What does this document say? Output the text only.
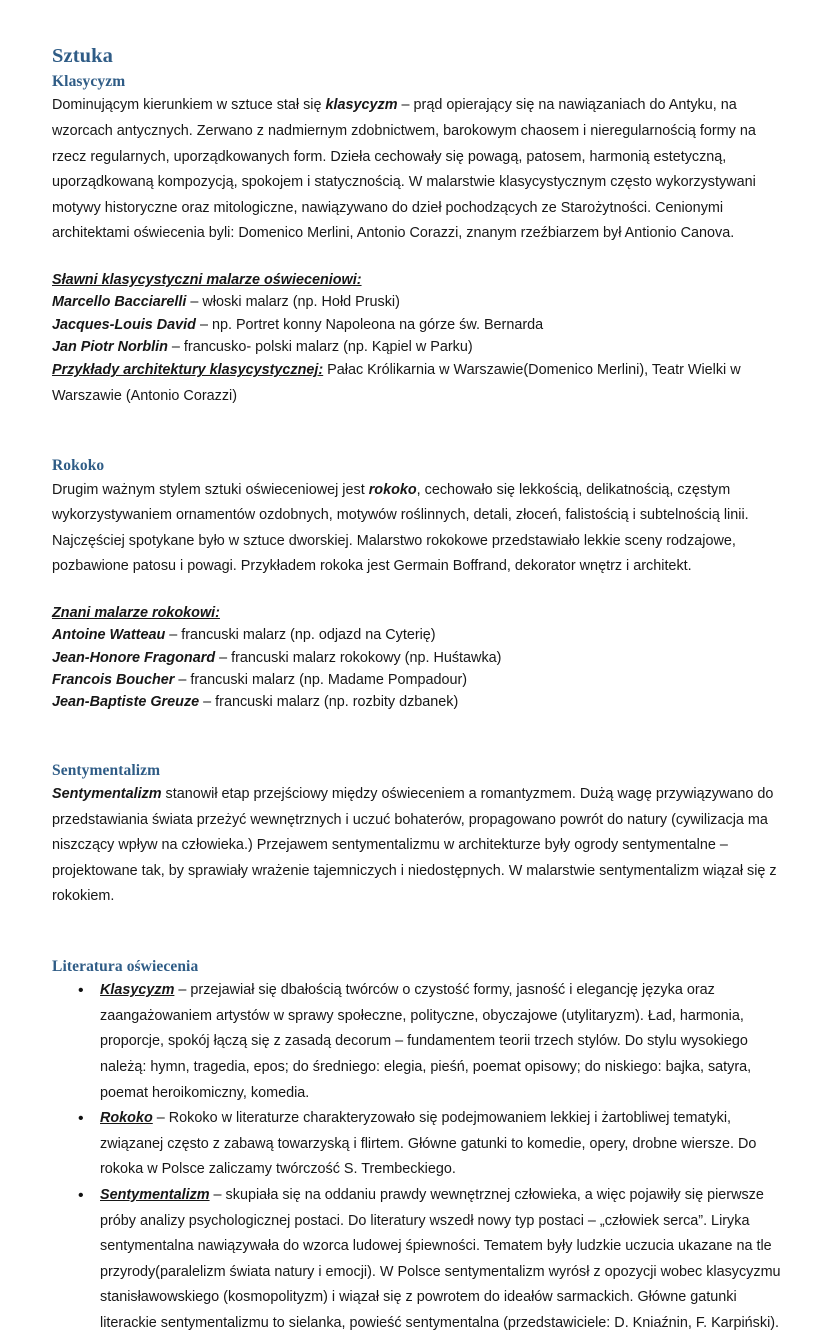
Sztuka
Klasycyzm

Dominującym kierunkiem w sztuce stał się klasycyzm – prąd opierający się na nawiązaniach do Antyku, na wzorcach antycznych. Zerwano z nadmiernym zdobnictwem, barokowym chaosem i nieregularnością formy na rzecz regularnych, uporządkowanych form. Dzieła cechowały się powagą, patosem, harmonią estetyczną, uporządkowaną kompozycją, spokojem i statycznością. W malarstwie klasycystycznym często wykorzystywani motywy historyczne oraz mitologiczne, nawiązywano do dzieł pochodzących ze Starożytności. Cenionymi architektami oświecenia byli: Domenico Merlini, Antonio Corazzi, znanym rzeźbiarzem był Antionio Canova.

Sławni klasycystyczni malarze oświeceniowi:

Marcello Bacciarelli – włoski malarz (np. Hołd Pruski)

Jacques-Louis David – np. Portret konny Napoleona na górze św. Bernarda

Jan Piotr Norblin – francusko- polski malarz (np. Kąpiel w Parku)

Przykłady architektury klasycystycznej: Pałac Królikarnia w Warszawie(Domenico Merlini), Teatr Wielki w Warszawie (Antonio Corazzi)

Rokoko

Drugim ważnym stylem sztuki oświeceniowej jest rokoko, cechowało się lekkością, delikatnością, częstym wykorzystywaniem ornamentów ozdobnych, motywów roślinnych, detali, złoceń, falistością i subtelnością linii. Najczęściej spotykane było w sztuce dworskiej. Malarstwo rokokowe przedstawiało lekkie sceny rodzajowe, pozbawione patosu i powagi. Przykładem rokoka jest Germain Boffrand, dekorator wnętrz i architekt.

Znani malarze rokokowi:

Antoine Watteau – francuski malarz (np. odjazd na Cyterię)

Jean-Honore Fragonard – francuski malarz rokokowy (np. Huśtawka)

Francois Boucher – francuski malarz (np. Madame Pompadour)

Jean-Baptiste Greuze – francuski malarz (np. rozbity dzbanek)

Sentymentalizm

Sentymentalizm stanowił etap przejściowy między oświeceniem a romantyzmem. Dużą wagę przywiązywano do przedstawiania świata przeżyć wewnętrznych i uczuć bohaterów, propagowano powrót do natury (cywilizacja ma niszczący wpływ na człowieka.) Przejawem sentymentalizmu w architekturze były ogrody sentymentalne – projektowane tak, by sprawiały wrażenie tajemniczych i niedostępnych. W malarstwie sentymentalizm wiązał się z rokokiem.

Literatura oświecenia
• Klasycyzm – przejawiał się dbałością twórców o czystość formy, jasność i elegancję języka oraz zaangażowaniem artystów w sprawy społeczne, polityczne, obyczajowe (utylitaryzm). Ład, harmonia, proporcje, spokój łączą się z zasadą decorum – fundamentem teorii trzech stylów. Do stylu wysokiego należą: hymn, tragedia, epos; do średniego: elegia, pieśń, poemat opisowy; do niskiego: bajka, satyra, poemat heroikomiczny, komedia.
• Rokoko – Rokoko w literaturze charakteryzowało się podejmowaniem lekkiej i żartobliwej tematyki, związanej często z zabawą towarzyską i flirtem. Główne gatunki to komedie, opery, drobne wiersze. Do rokoka w Polsce zaliczamy twórczość S. Trembeckiego.
• Sentymentalizm – skupiała się na oddaniu prawdy wewnętrznej człowieka, a więc pojawiły się pierwsze próby analizy psychologicznej postaci. Do literatury wszedł nowy typ postaci – „człowiek serca”. Liryka sentymentalna nawiązywała do wzorca ludowej śpiewności. Tematem były ludzkie uczucia ukazane na tle przyrody(paralelizm świata natury i emocji). W Polsce sentymentalizm wyrósł z opozycji wobec klasycyzmu stanisławowskiego (kosmopolityzm) i wiązał się z powrotem do ideałów sarmackich. Główne gatunki literackie sentymentalizmu to sielanka, powieść sentymentalna (przedstawiciele: D. Kniaźnin, F. Karpiński).
